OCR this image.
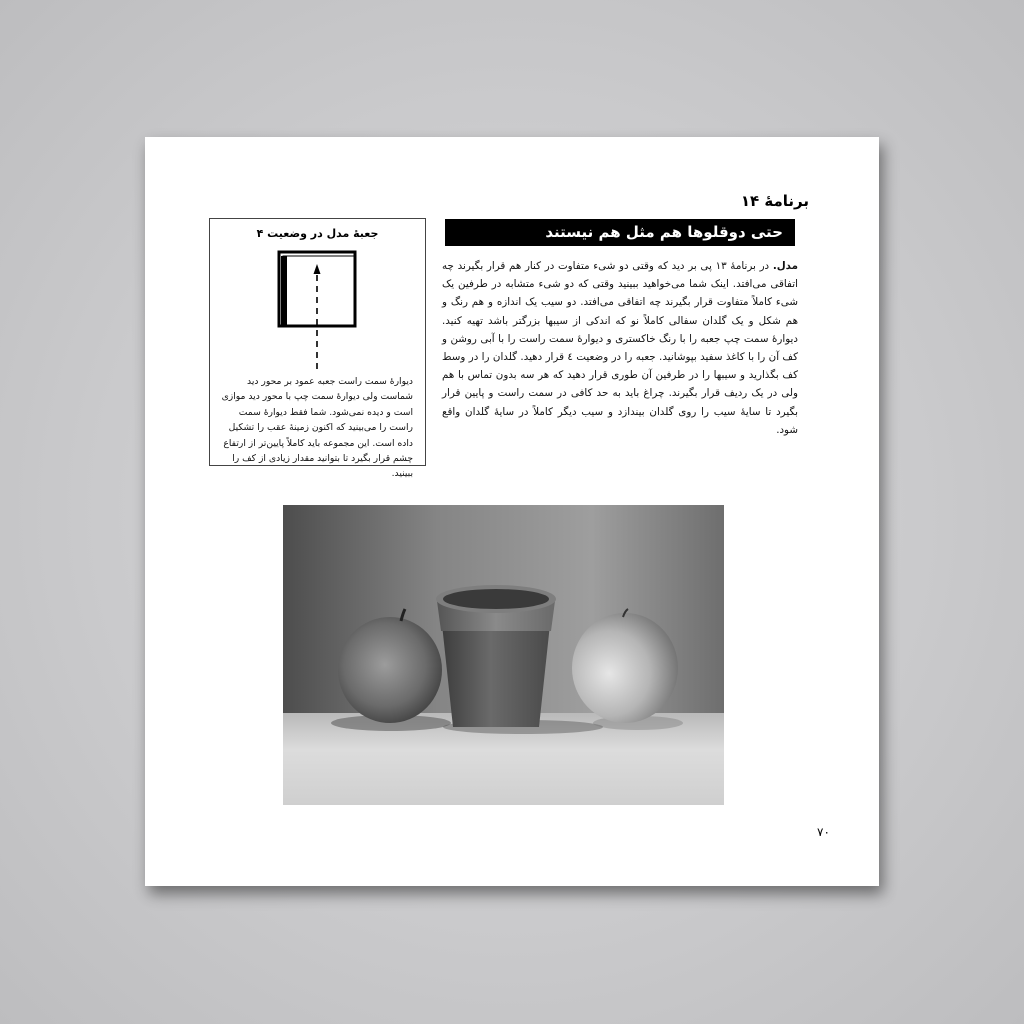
برنامهٔ ۱۴
حتی دوقلوها هم مثل هم نیستند
مدل. در برنامهٔ ۱۳ پی بر دید که وقتی دو شیء متفاوت در کنار هم قرار بگیرند چه اتفاقی می‌افتد. اینک شما می‌خواهید ببینید وقتی که دو شیء متشابه در طرفین یک شیء کاملاً متفاوت قرار بگیرند چه اتفاقی می‌افتد. دو سیب یک اندازه و هم رنگ و هم شکل و یک گلدان سفالی کاملاً نو که اندکی از سیبها بزرگتر باشد تهیه کنید. دیوارهٔ سمت چپ جعبه را با رنگ خاکستری و دیوارهٔ سمت راست را با آبی روشن و کف آن را با کاغذ سفید بپوشانید. جعبه را در وضعیت ٤ قرار دهید. گلدان را در وسط کف بگذارید و سیبها را در طرفین آن طوری قرار دهید که هر سه بدون تماس با هم ولی در یک ردیف قرار بگیرند. چراغ باید به حد کافی در سمت راست و پایین قرار بگیرد تا سایهٔ سیب را روی گلدان بیندازد و سیب دیگر کاملاً در سایهٔ گلدان واقع شود.
جعبهٔ مدل در وضعیت ۴
دیوارهٔ سمت راست جعبه عمود بر محور دید شماست ولی دیوارهٔ سمت چپ با محور دید موازی است و دیده نمی‌شود. شما فقط دیوارهٔ سمت راست را می‌بینید که اکنون زمینهٔ عقب را تشکیل داده است. این مجموعه باید کاملاً پایین‌تر از ارتفاع چشم قرار بگیرد تا بتوانید مقدار زیادی از کف را ببینید.
۷۰
